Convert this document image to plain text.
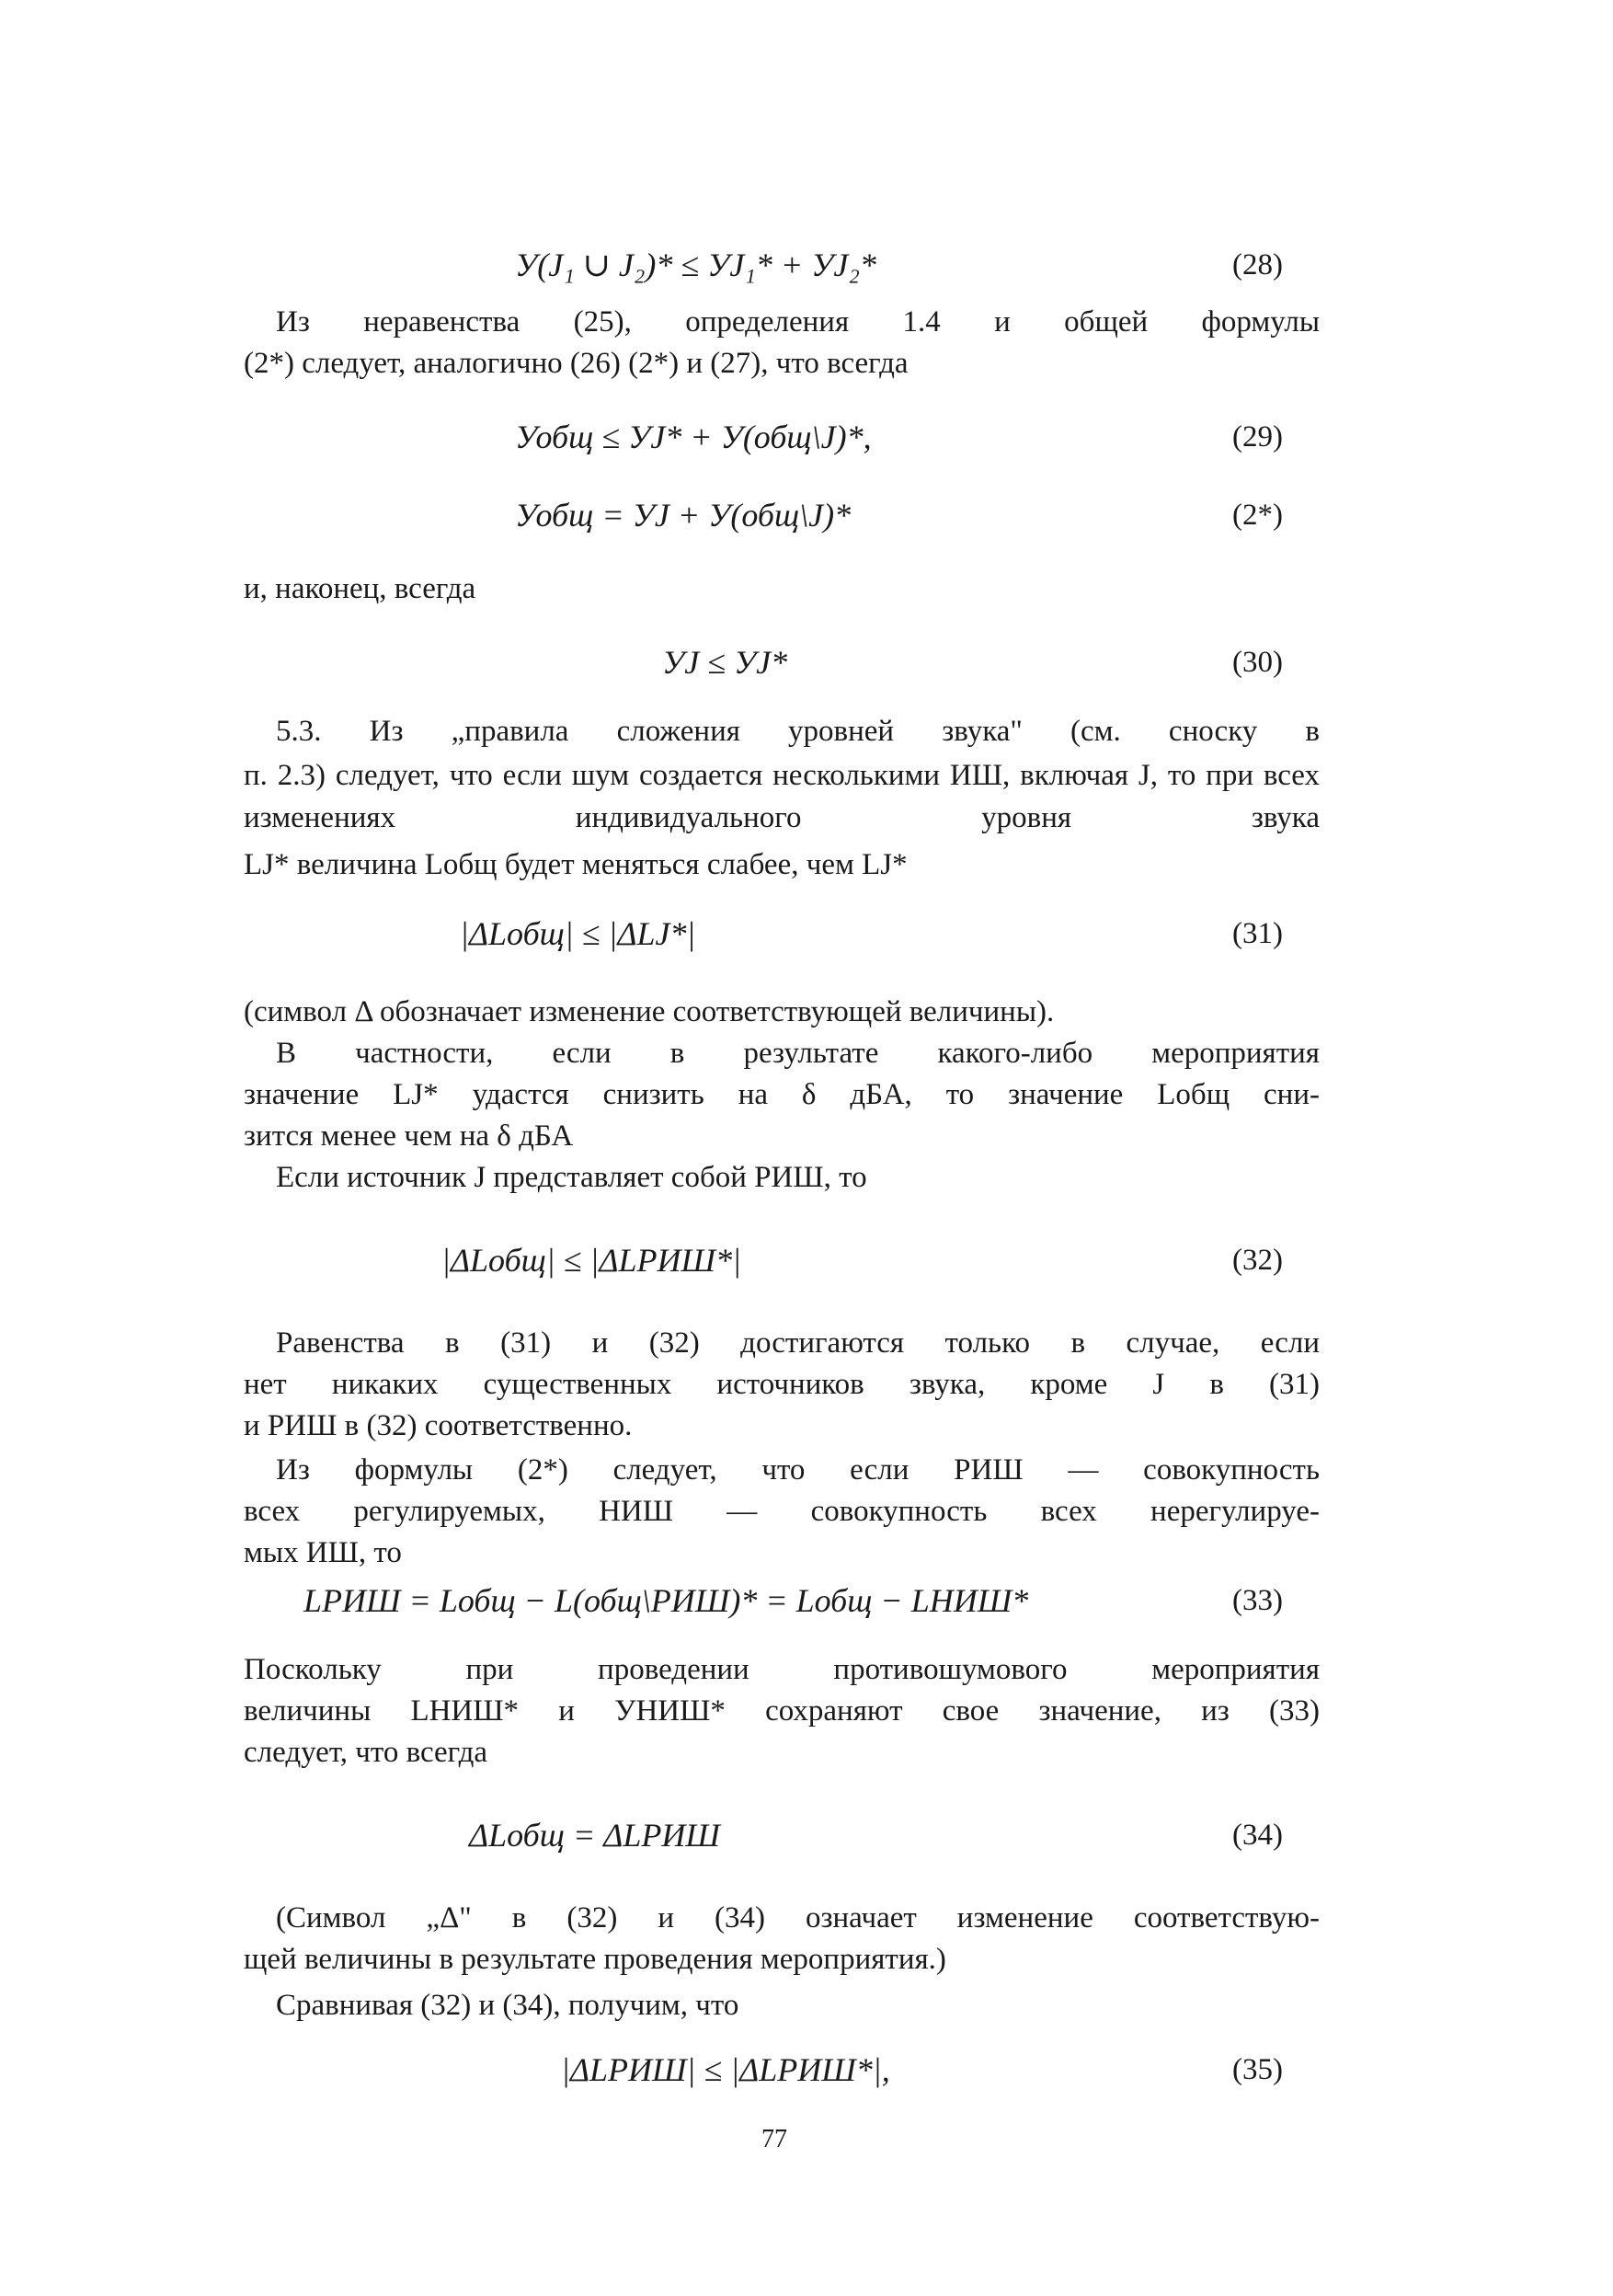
У(J₁ ∪ J₂)* ≤ УJ₁* + УJ₂*	(28)
Из неравенства (25), определения 1.4 и общей формулы
(2*) следует, аналогично (26) (2*) и (27), что всегда
Уобщ ≤ УJ* + У(общ\J)*,	(29)
Уобщ = УJ + У(общ\J)*	(2*)
и, наконец, всегда
УJ ≤ УJ*	(30)
5.3. Из „правила сложения уровней звука" (см. сноску в
п. 2.3) следует, что если шум создается несколькими ИШ, включая J, то при всех изменениях индивидуального уровня звука
LJ* величина Lобщ будет меняться слабее, чем LJ*
|ΔLобщ| ≤ |ΔLJ*|	(31)
(символ Δ обозначает изменение соответствующей величины).
В частности, если в результате какого-либо мероприятия
значение LJ* удастся снизить на δ дБА, то значение Lобщ сни-
зится менее чем на δ дБА
Если источник J представляет собой РИШ, то
|ΔLобщ| ≤ |ΔLРИШ*|	(32)
Равенства в (31) и (32) достигаются только в случае, если
нет никаких существенных источников звука, кроме J в (31)
и РИШ в (32) соответственно.
Из формулы (2*) следует, что если РИШ — совокупность
всех регулируемых, НИШ — совокупность всех нерегулируе-
мых ИШ, то
LРИШ = Lобщ − L(общ\РИШ)* = Lобщ − LНИШ*	(33)
Поскольку при проведении противошумового мероприятия
величины LНИШ* и УНИШ* сохраняют свое значение, из (33)
следует, что всегда
ΔLобщ = ΔLРИШ	(34)
(Символ „Δ" в (32) и (34) означает изменение соответствую-
щей величины в результате проведения мероприятия.)
Сравнивая (32) и (34), получим, что
|ΔLРИШ| ≤ |ΔLРИШ*|,	(35)
77
